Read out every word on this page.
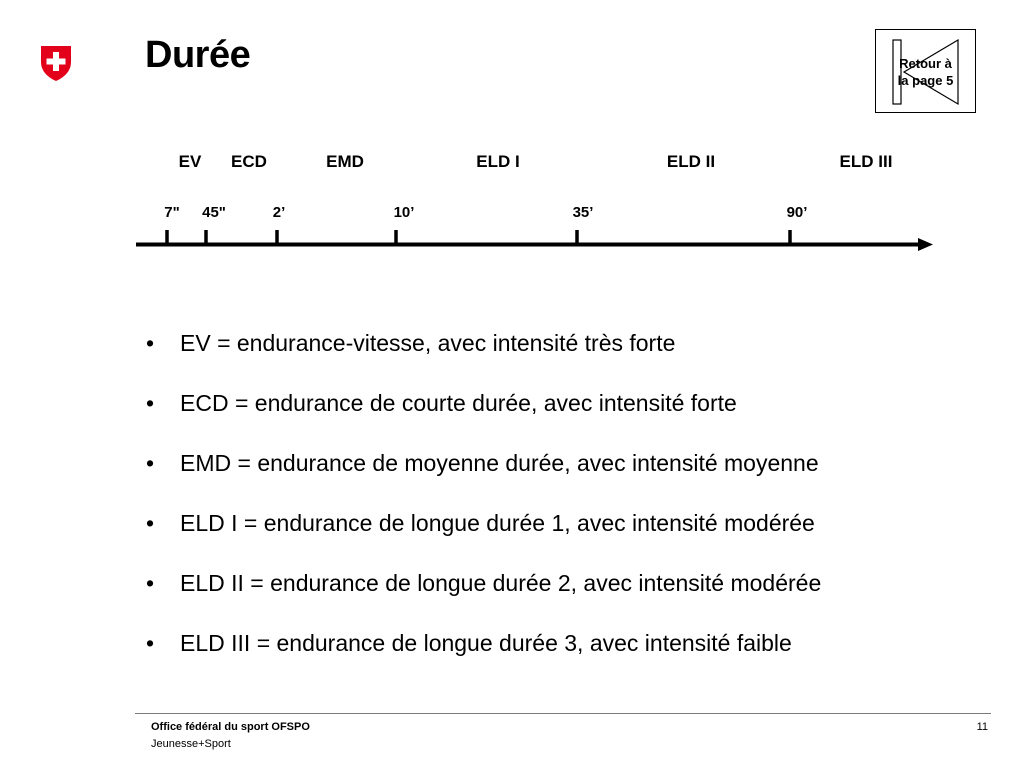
Durée	Retour à
la page 5
EV ECD	EMD	ELD I	ELD II	ELD III
7" 45"	2’	10’	35’	90’
• EV = endurance-vitesse, avec intensité très forte
• ECD = endurance de courte durée, avec intensité forte
• EMD = endurance de moyenne durée, avec intensité moyenne
• ELD I = endurance de longue durée 1, avec intensité modérée
• ELD II = endurance de longue durée 2, avec intensité modérée
• ELD III = endurance de longue durée 3, avec intensité faible
Office fédéral du sport OFSPO
Jeunesse+Sport
11
